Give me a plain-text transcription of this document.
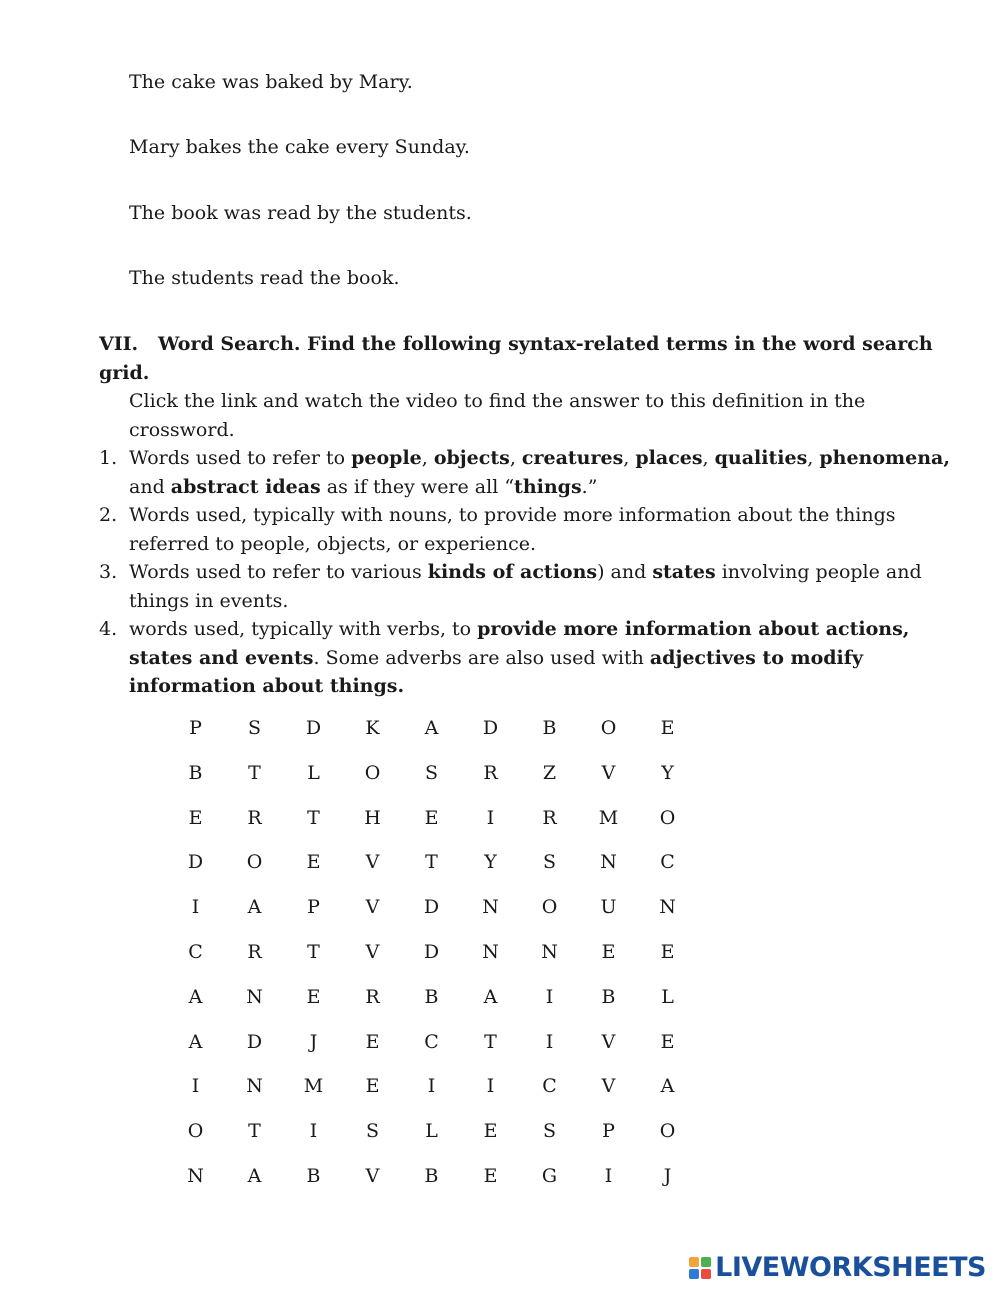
The cake was baked by Mary.

Mary bakes the cake every Sunday.

The book was read by the students.

The students read the book.

VII. Word Search. Find the following syntax-related terms in the word search grid.
Click the link and watch the video to find the answer to this definition in the crossword.
1. Words used to refer to people, objects, creatures, places, qualities, phenomena, and abstract ideas as if they were all “things.”
2. Words used, typically with nouns, to provide more information about the things referred to people, objects, or experience.
3. Words used to refer to various kinds of actions) and states involving people and things in events.
4. words used, typically with verbs, to provide more information about actions, states and events. Some adverbs are also used with adjectives to modify information about things.
P	S	D	K	A	D	B	O	E
B	T	L	O	S	R	Z	V	Y
E	R	T	H	E	I	R	M	O
D	O	E	V	T	Y	S	N	C
I	A	P	V	D	N	O	U	N
C	R	T	V	D	N	N	E	E
A	N	E	R	B	A	I	B	L
A	D	J	E	C	T	I	V	E
I	N	M	E	I	I	C	V	A
O	T	I	S	L	E	S	P	O
N	A	B	V	B	E	G	I	J
LIVEWORKSHEETS
